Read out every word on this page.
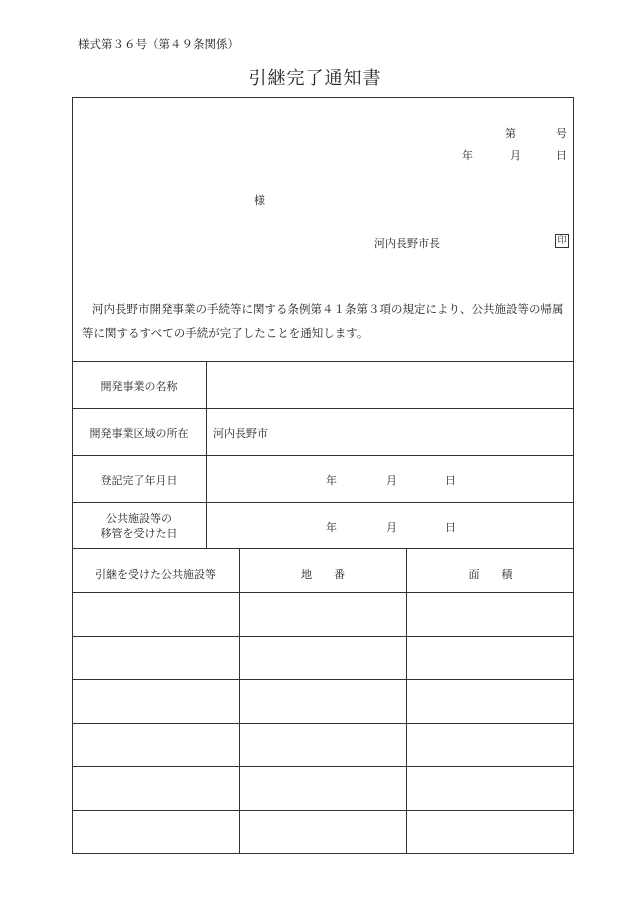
様式第３６号（第４９条関係）
引継完了通知書
第	号
年	月	日
様
河内長野市長	印
河内長野市開発事業の手続等に関する条例第４１条第３項の規定により、公共施設等の帰属等に関するすべての手続が完了したことを通知します。
開発事業の名称
開発事業区域の所在	河内長野市
登記完了年月日	年	月	日
公共施設等の
移管を受けた日	年	月	日
引継を受けた公共施設等	地　　番	面　　積
